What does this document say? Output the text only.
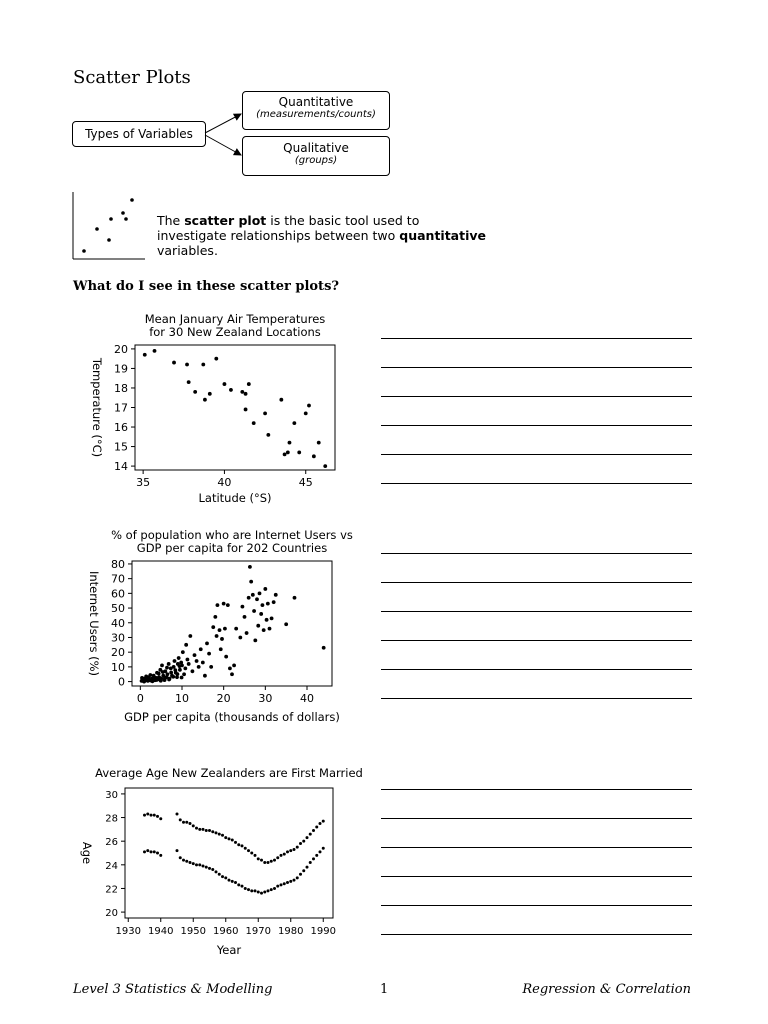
Scatter Plots
Types of Variables
Quantitative
(measurements/counts)
Qualitative
(groups)
The scatter plot is the basic tool used to investigate relationships between two quantitative variables.
What do I see in these scatter plots?
Mean January Air Temperatures
for 30 New Zealand Locations
35	40	45
14
15
16
17
18
19
20
Latitude (°S)
Temperature (°C)
% of population who are Internet Users vs
GDP per capita for 202 Countries
0	10	20	30	40
0
10
20
30
40
50
60
70
80
GDP per capita (thousands of dollars)
Internet Users (%)
Average Age New Zealanders are First Married
1930 1940 1950 1960 1970 1980 1990
20
22
24
26
28
30
Year
Age
Level 3 Statistics & Modelling	1	Regression & Correlation
